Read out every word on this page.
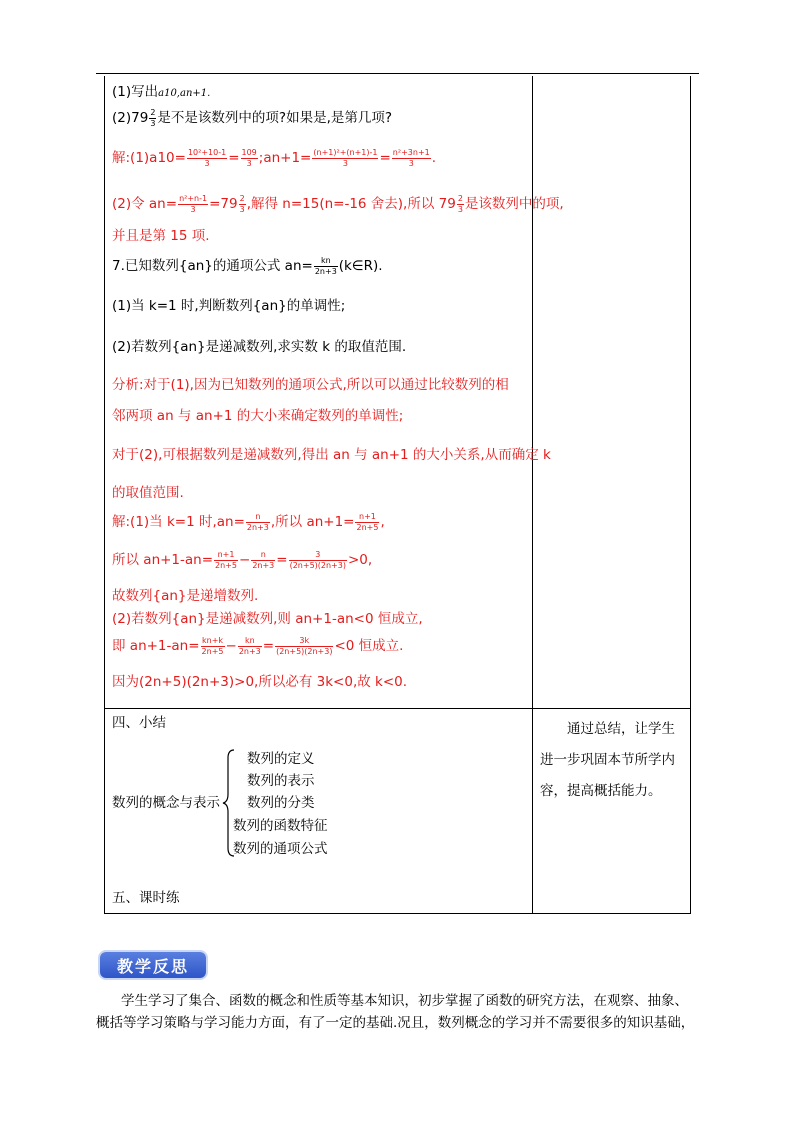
(1)写出a10,an+1.
$(2)79 \frac{2}{3}$ 是不是该数列中的项?如果是,是第几项?
解:(1)a10= $\frac{\text{10²+10-1}}{3} = \frac{109}{3}$ ;an+1= $\frac{\text{(n+1)²+(n+1)-1}}{3} = \frac{\text{n²+3n+1}}{3}$ .
(2)令 $an= \frac{\text{n²+n-1}}{3} =79 \frac{2}{3}$ ,解得 n=15(n=-16 舍去),所以 $79 \frac{2}{3}$ 是该数列中的项,
并且是第 15 项.
7.已知数列{an}的通项公式 $an= \frac{kn}{2n+3}$ (k∈R).
(1)当 k=1 时,判断数列{an}的单调性;
(2)若数列{an}是递减数列,求实数 k 的取值范围.
分析:对于(1),因为已知数列的通项公式,所以可以通过比较数列的相
邻两项 an 与 an+1 的大小来确定数列的单调性;
对于(2),可根据数列是递减数列,得出 an 与 an+1 的大小关系,从而确定 k
的取值范围.
解:(1)当 k=1 时$,an= \frac{n}{2n+3}$ ,所以 $an+1= \frac{n+1}{2n+5}$ ,
所以 $an+1-an= \frac{n+1}{2n+5} - \frac{n}{2n+3} = \frac{3}{(2n+5)(2n+3)} >0$,
故数列{an}是递增数列.
(2)若数列{an}是递减数列,则 an+1-an<0 恒成立,
即 $an+1-an= \frac{kn+k}{2n+5} - \frac{kn}{2n+3} = \frac{3k}{(2n+5)(2n+3)} <0$ 恒成立.
因为(2n+5)(2n+3)>0,所以必有 3k<0,故 k<0.
四、小结
数列的概念与表示
数列的定义
数列的表示
数列的分类
数列的函数特征
数列的通项公式
通过总结，让学生
进一步巩固本节所学内
容，提高概括能力。
五、课时练
教学反思
学生学习了集合、函数的概念和性质等基本知识，初步掌握了函数的研究方法，在观察、抽象、
概括等学习策略与学习能力方面，有了一定的基础.况且，数列概念的学习并不需要很多的知识基础，
